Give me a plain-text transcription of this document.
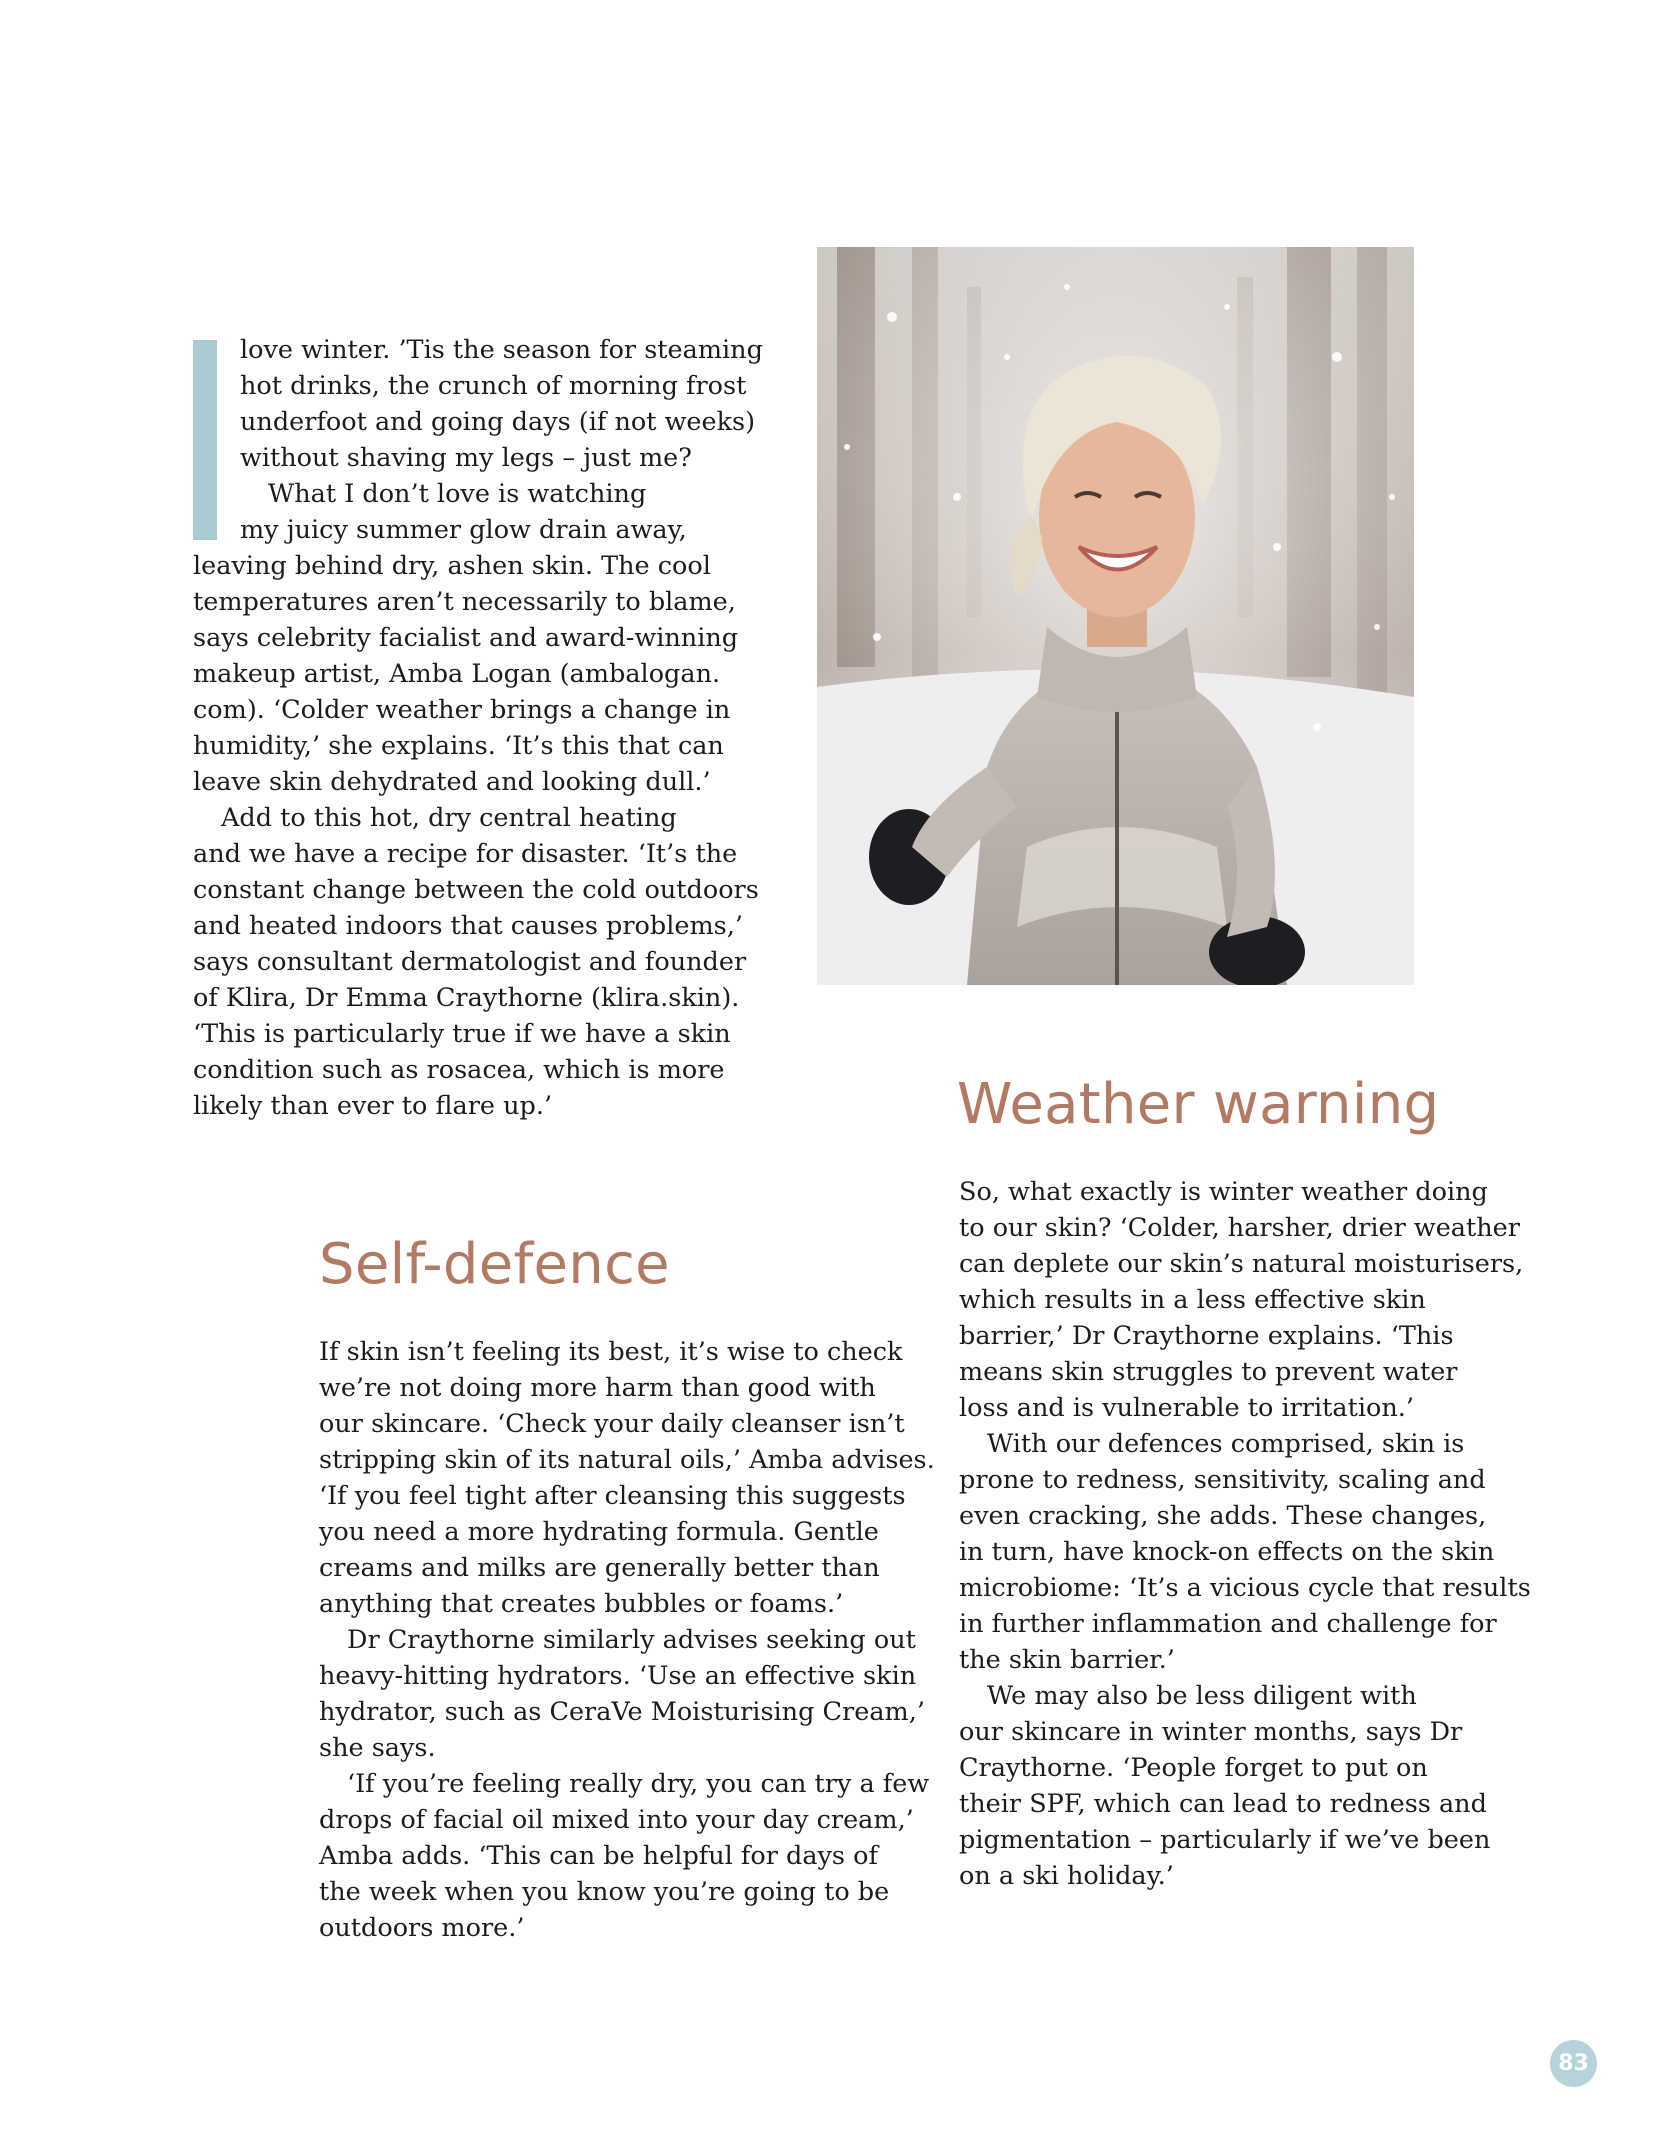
love winter. ’Tis the season for steaming
hot drinks, the crunch of morning frost
underfoot and going days (if not weeks)
without shaving my legs – just me?
What I don’t love is watching
my juicy summer glow drain away,
leaving behind dry, ashen skin. The cool
temperatures aren’t necessarily to blame,
says celebrity facialist and award-winning
makeup artist, Amba Logan (ambalogan.
com). ‘Colder weather brings a change in
humidity,’ she explains. ‘It’s this that can
leave skin dehydrated and looking dull.’
Add to this hot, dry central heating
and we have a recipe for disaster. ‘It’s the
constant change between the cold outdoors
and heated indoors that causes problems,’
says consultant dermatologist and founder
of Klira, Dr Emma Craythorne (klira.skin).
‘This is particularly true if we have a skin
condition such as rosacea, which is more
likely than ever to flare up.’	Weather warning
So, what exactly is winter weather doing
to our skin? ‘Colder, harsher, drier weather
can deplete our skin’s natural moisturisers,
which results in a less effective skin
barrier,’ Dr Craythorne explains. ‘This
means skin struggles to prevent water
loss and is vulnerable to irritation.’
With our defences comprised, skin is
prone to redness, sensitivity, scaling and
even cracking, she adds. These changes,
in turn, have knock-on effects on the skin
microbiome: ‘It’s a vicious cycle that results
in further inflammation and challenge for
the skin barrier.’
We may also be less diligent with
our skincare in winter months, says Dr
Craythorne. ‘People forget to put on
their SPF, which can lead to redness and
pigmentation – particularly if we’ve been
on a ski holiday.’
Self-defence
If skin isn’t feeling its best, it’s wise to check
we’re not doing more harm than good with
our skincare. ‘Check your daily cleanser isn’t
stripping skin of its natural oils,’ Amba advises.
‘If you feel tight after cleansing this suggests
you need a more hydrating formula. Gentle
creams and milks are generally better than
anything that creates bubbles or foams.’
Dr Craythorne similarly advises seeking out
heavy-hitting hydrators. ‘Use an effective skin
hydrator, such as CeraVe Moisturising Cream,’
she says.
‘If you’re feeling really dry, you can try a few
drops of facial oil mixed into your day cream,’
Amba adds. ‘This can be helpful for days of
the week when you know you’re going to be
outdoors more.’
83
